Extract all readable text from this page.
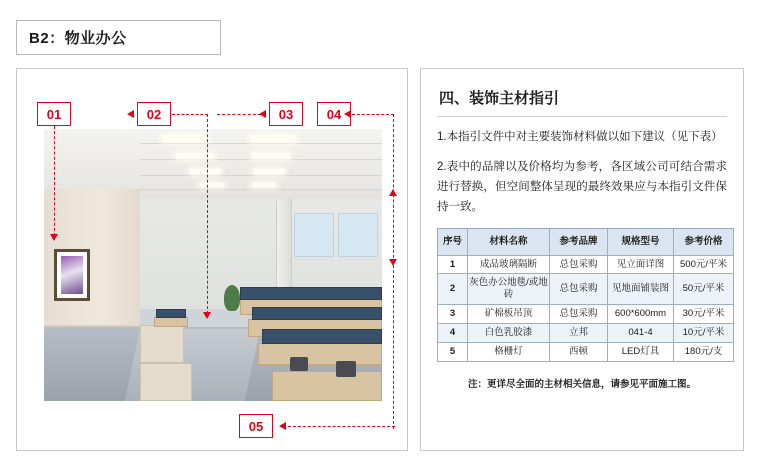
B2：物业办公
01	02	03	04
05
四、装饰主材指引

1.本指引文件中对主要装饰材料做以如下建议（见下表）

2.表中的品牌以及价格均为参考，各区域公司可结合需求进行替换，但空间整体呈现的最终效果应与本指引文件保持一致。

序号	材料名称	参考品牌	规格型号	参考价格
1	成品玻璃隔断	总包采购	见立面详图	500元/平米
2	灰色办公地毯/或地砖	总包采购	见地面铺装图	50元/平米
3	矿棉板吊顶	总包采购	600*600mm	30元/平米
4	白色乳胶漆	立邦	041-4	10元/平米
5	格栅灯	西顿	LED灯具	180元/支
注：更详尽全面的主材相关信息，请参见平面施工图。
